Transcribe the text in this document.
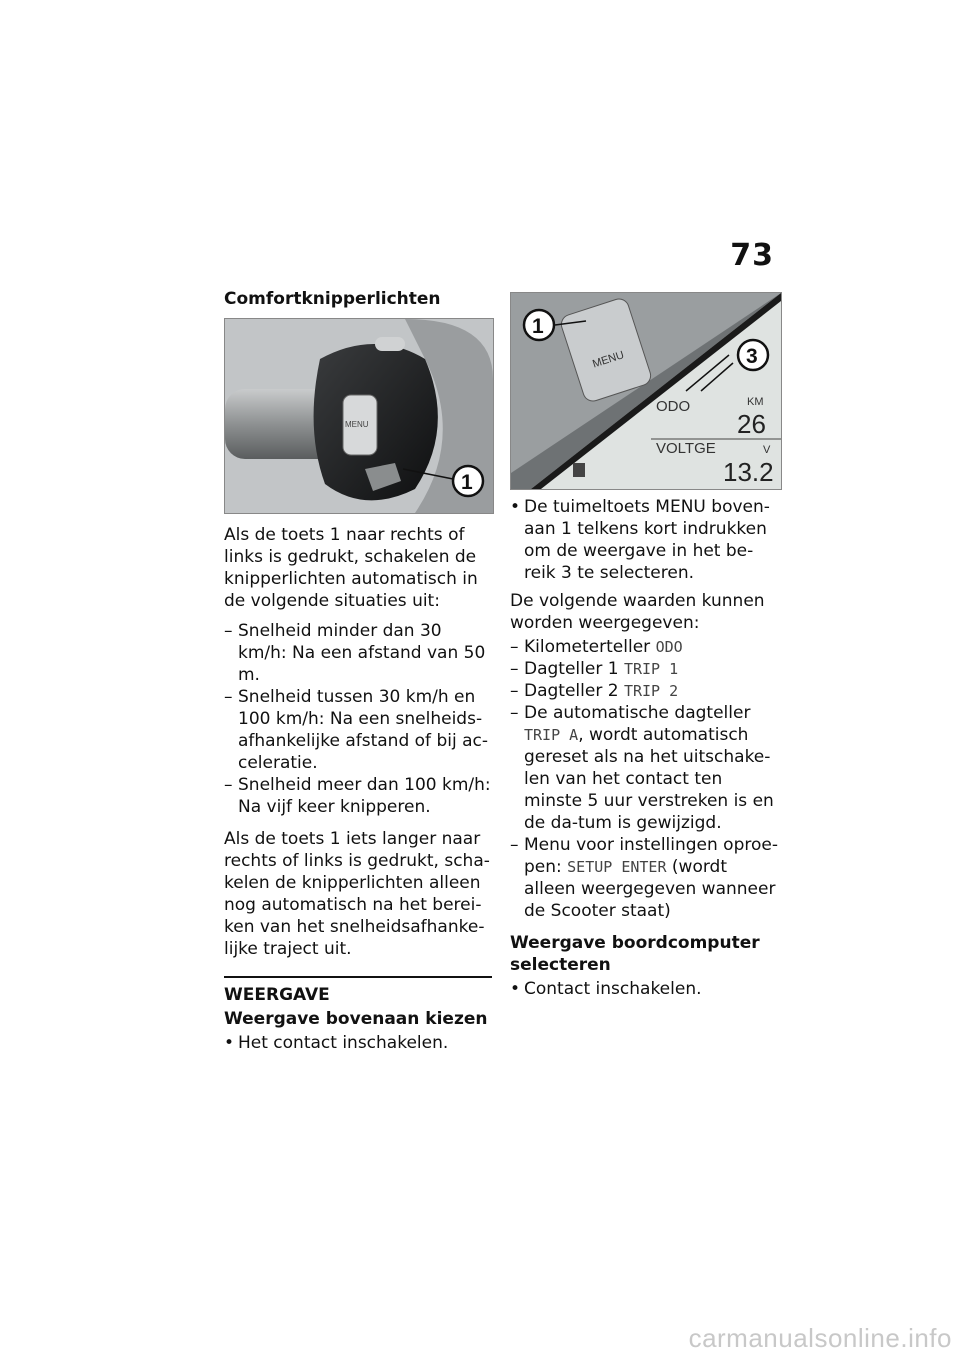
73
Comfortknipperlichten
MENU
1

Als de toets 1 naar rechts of links is gedrukt, schakelen de knipperlichten automatisch in de volgende situaties uit:

– Snelheid minder dan 30 km/h: Na een afstand van 50 m.

– Snelheid tussen 30 km/h en 100 km/h: Na een snelheids-afhankelijke afstand of bij ac-celeratie.

– Snelheid meer dan 100 km/h: Na vijf keer knipperen.

Als de toets 1 iets langer naar rechts of links is gedrukt, scha-kelen de knipperlichten alleen nog automatisch na het berei-ken van het snelheidsafhanke-lijke traject uit.

WEERGAVE
Weergave bovenaan kiezen

• Het contact inschakelen.

MENU
ODO	KM
26
VOLTGE	V
13.2
3
1

• De tuimeltoets MENU boven-aan 1 telkens kort indrukken om de weergave in het be-reik 3 te selecteren.

De volgende waarden kunnen worden weergegeven:

– Kilometerteller ODO

– Dagteller 1 TRIP 1

– Dagteller 2 TRIP 2

– De automatische dagteller TRIP A, wordt automatisch gereset als na het uitschake-len van het contact ten minste 5 uur verstreken is en de da-tum is gewijzigd.

– Menu voor instellingen oproe-pen: SETUP ENTER (wordt alleen weergegeven wanneer de Scooter staat)

Weergave boordcomputer selecteren

• Contact inschakelen.

carmanualsonline.info
